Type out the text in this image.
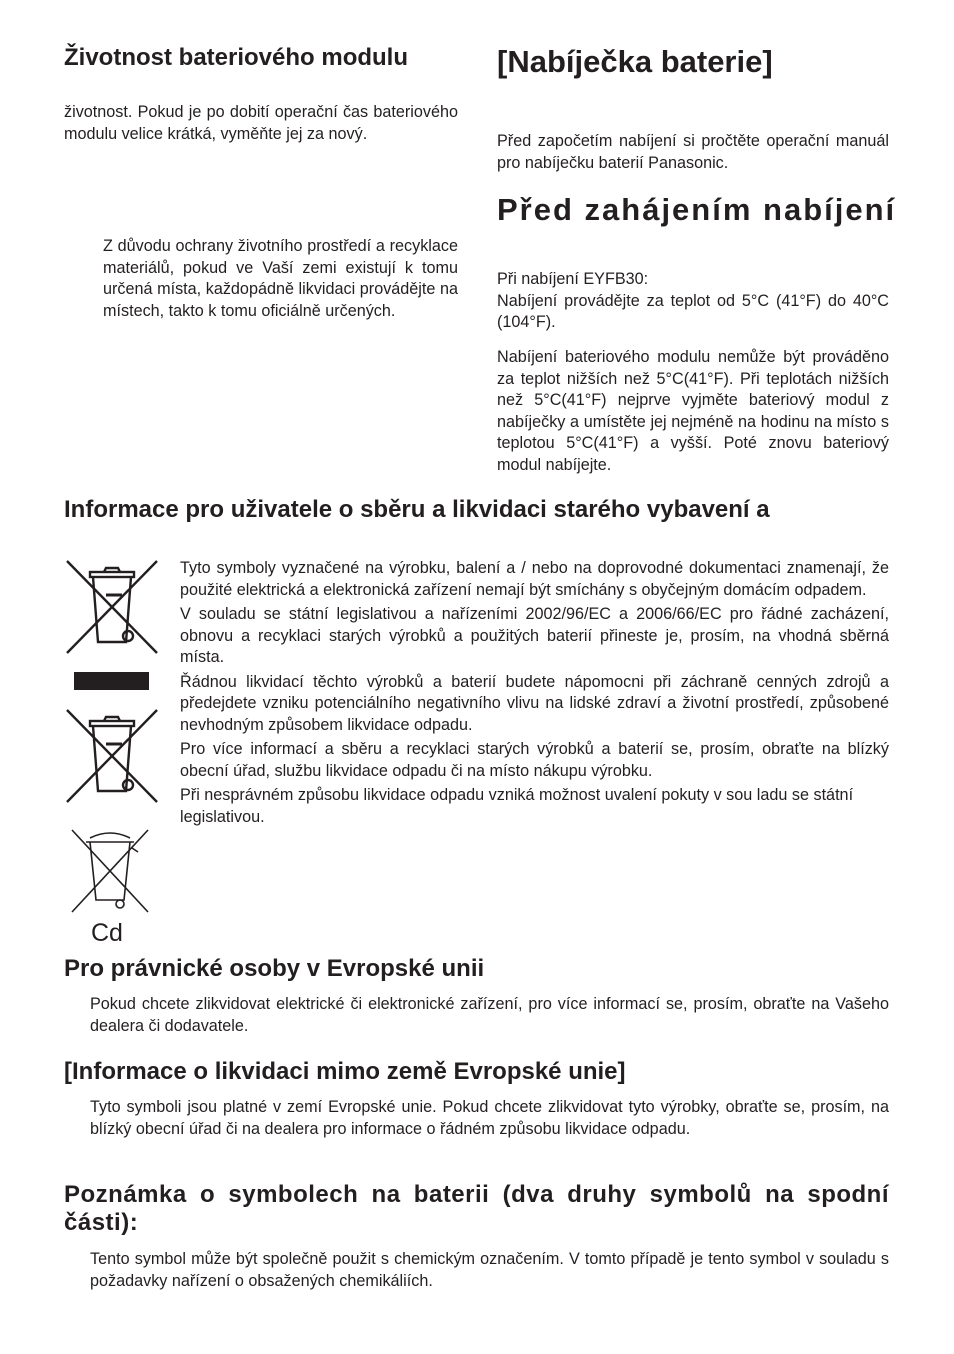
Životnost bateriového modulu

životnost. Pokud je po dobití operační čas bateriového modulu velice krátká, vyměňte jej za nový.

Z důvodu ochrany životního prostředí a recyklace materiálů, pokud ve Vaší zemi existují k tomu určená místa, každopádně likvidaci provádějte na místech, takto k tomu oficiálně určených.

[Nabíječka baterie]

Před započetím nabíjení si pročtěte operační manuál pro nabíječku baterií Panasonic.

Před zahájením nabíjení
Při nabíjení EYFB30:
Nabíjení provádějte za teplot od 5°C (41°F) do 40°C (104°F).

Nabíjení bateriového modulu nemůže být prováděno za teplot nižších než 5°C(41°F). Při teplotách nižších než 5°C(41°F) nejprve vyjměte bateriový modul z nabíječky a umístěte jej nejméně na hodinu na místo s teplotou 5°C(41°F) a vyšší. Poté znovu bateriový modul nabíjejte.

Informace pro uživatele o sběru a likvidaci starého vybavení a
Cd

Tyto symboly vyznačené na výrobku, balení a / nebo na doprovodné dokumentaci znamenají, že použité elektrická a elektronická zařízení nemají být smíchány s obyčejným domácím odpadem.

V souladu se státní legislativou a nařízeními 2002/96/EC a 2006/66/EC pro řádné zacházení, obnovu a recyklaci starých výrobků a použitých baterií přineste je, prosím, na vhodná sběrná místa.

Řádnou likvidací těchto výrobků a baterií budete nápomocni při záchraně cenných zdrojů a předejdete vzniku potenciálního negativního vlivu na lidské zdraví a životní prostředí, způsobené nevhodným způsobem likvidace odpadu.

Pro více informací a sběru a recyklaci starých výrobků a baterií se, prosím, obraťte na blízký obecní úřad, službu likvidace odpadu či na místo nákupu výrobku.

Při nesprávném způsobu likvidace odpadu vzniká možnost uvalení pokuty v sou ladu se státní legislativou.

Pro právnické osoby v Evropské unii

Pokud chcete zlikvidovat elektrické či elektronické zařízení, pro více informací se, prosím, obraťte na Vašeho dealera či dodavatele.

[Informace o likvidaci mimo země Evropské unie]

Tyto symboli jsou platné v zemí Evropské unie. Pokud chcete zlikvidovat tyto výrobky, obraťte se, prosím, na blízký obecní úřad či na dealera pro informace o řádném způsobu likvidace odpadu.

Poznámka o symbolech na baterii (dva druhy symbolů na spodní části):

Tento symbol může být společně použit s chemickým označením. V tomto případě je tento symbol v souladu s požadavky nařízení o obsažených chemikáliích.
